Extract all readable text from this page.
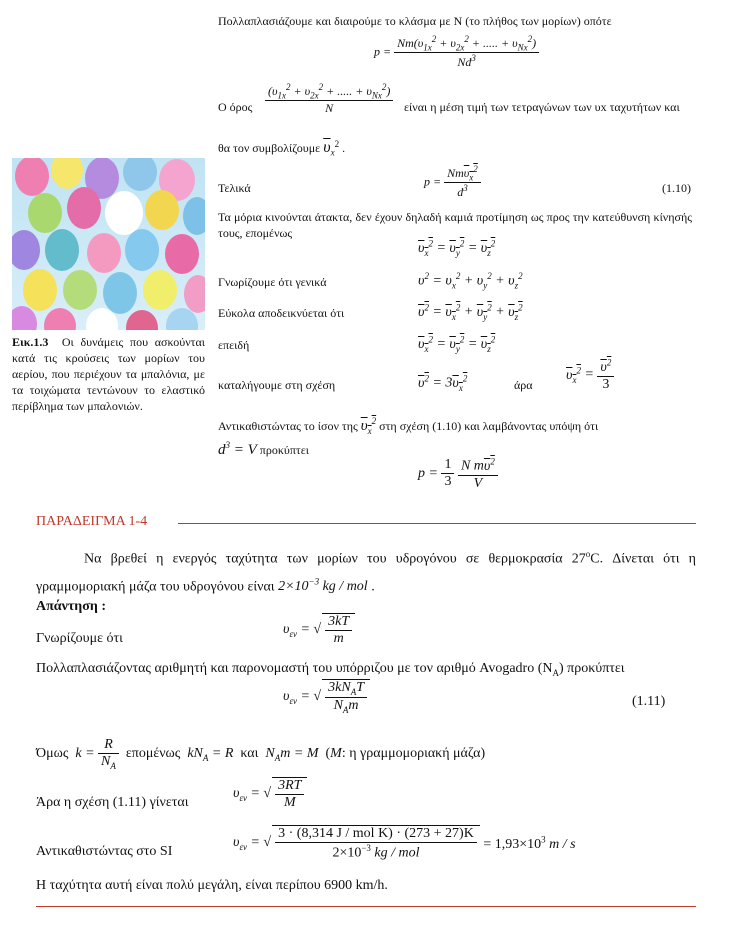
Πολλαπλασιάζουμε και διαιρούμε το κλάσμα με Ν (το πλήθος των μορίων) οπότε
$p = \frac{Nm(\upsilon_{1x}^2 + \upsilon_{2x}^2 + ..... + \upsilon_{Nx}^2)}{Nd^3}$
Ο όρος $\frac{(\upsilon_{1x}^2 + \upsilon_{2x}^2 + ..... + \upsilon_{Nx}^2)}{N}$ είναι η μέση τιμή των τετραγώνων των υx ταχυτήτων και
θα τον συμβολίζουμε $\overline{\upsilon}_x^2$ .
Τελικά	$p = \frac{Nm\upsilon_x^2}{d^3}$	(1.10)
Τα μόρια κινούνται άτακτα, δεν έχουν δηλαδή καμιά προτίμηση ως προς την κατεύθυνση κίνησής τους, επομένως
$\upsilon_x^2 = \upsilon_y^2 = \upsilon_z^2$
Γνωρίζουμε ότι γενικά	$\upsilon^2 = \upsilon_x^2 + \upsilon_y^2 + \upsilon_z^2$
Εύκολα αποδεικνύεται ότι	$\upsilon^2 = \upsilon_x^2 + \upsilon_y^2 + \upsilon_z^2$
επειδή	$\upsilon_x^2 = \upsilon_y^2 = \upsilon_z^2$
καταλήγουμε στη σχέση	$\upsilon^2 = 3\upsilon_x^2$	άρα
$\upsilon_x^2 = \frac{\upsilon^2}{3}$
Αντικαθιστώντας το ίσον της $\upsilon_x^2$ στη σχέση (1.10) και λαμβάνοντας υπόψη ότι
$d^3 = V$ προκύπτει
$p = \frac{1}{3}$
$\frac{N m\upsilon^2}{V}$
Εικ.1.3 Οι δυνάμεις που ασκούνται κατά τις κρούσεις των μορίων του αερίου, που περιέχουν τα μπαλόνια, με τα τοιχώματα τεντώνουν το ελαστικό περίβλημα των μπαλονιών.
ΠΑΡΑΔΕΙΓΜΑ 1-4
Να βρεθεί η ενεργός ταχύτητα των μορίων του υδρογόνου σε θερμοκρασία 27$^o$C. Δίνεται ότι η γραμμομοριακή μάζα του υδρογόνου είναι $2\times 10^{-3}$ kg / mol .
Απάντηση :
Γνωρίζουμε ότι
$\upsilon_{\varepsilon\nu}$ = √ $\frac{3kT}{m}$
Πολλαπλασιάζοντας αριθμητή και παρονομαστή του υπόρριζου με τον αριθμό Avogadro $(N_A)$ προκύπτει
$\upsilon_{\varepsilon\nu}$ = √ $\frac{3kN_AT}{N_Am}$	(1.11)
Όμως  $k = \frac{R}{N_A}$ επομένως  $kN_A = R$  και  $N_Am = M$  (M: η γραμμομοριακή μάζα)
Άρα η σχέση (1.11) γίνεται
$\upsilon_{\varepsilon\nu}$ = √ $\frac{3RT}{M}$
Αντικαθιστώντας στο SI
$\upsilon_{\varepsilon\nu}$ = √ $\frac{\text{3 · (8,314 J / mol K) · (273 + 27)K}}{2\times 10^{-3} kg / mol} = 1,93\times 10^3$ m / s
Η ταχύτητα αυτή είναι πολύ μεγάλη, είναι περίπου 6900 km/h.
